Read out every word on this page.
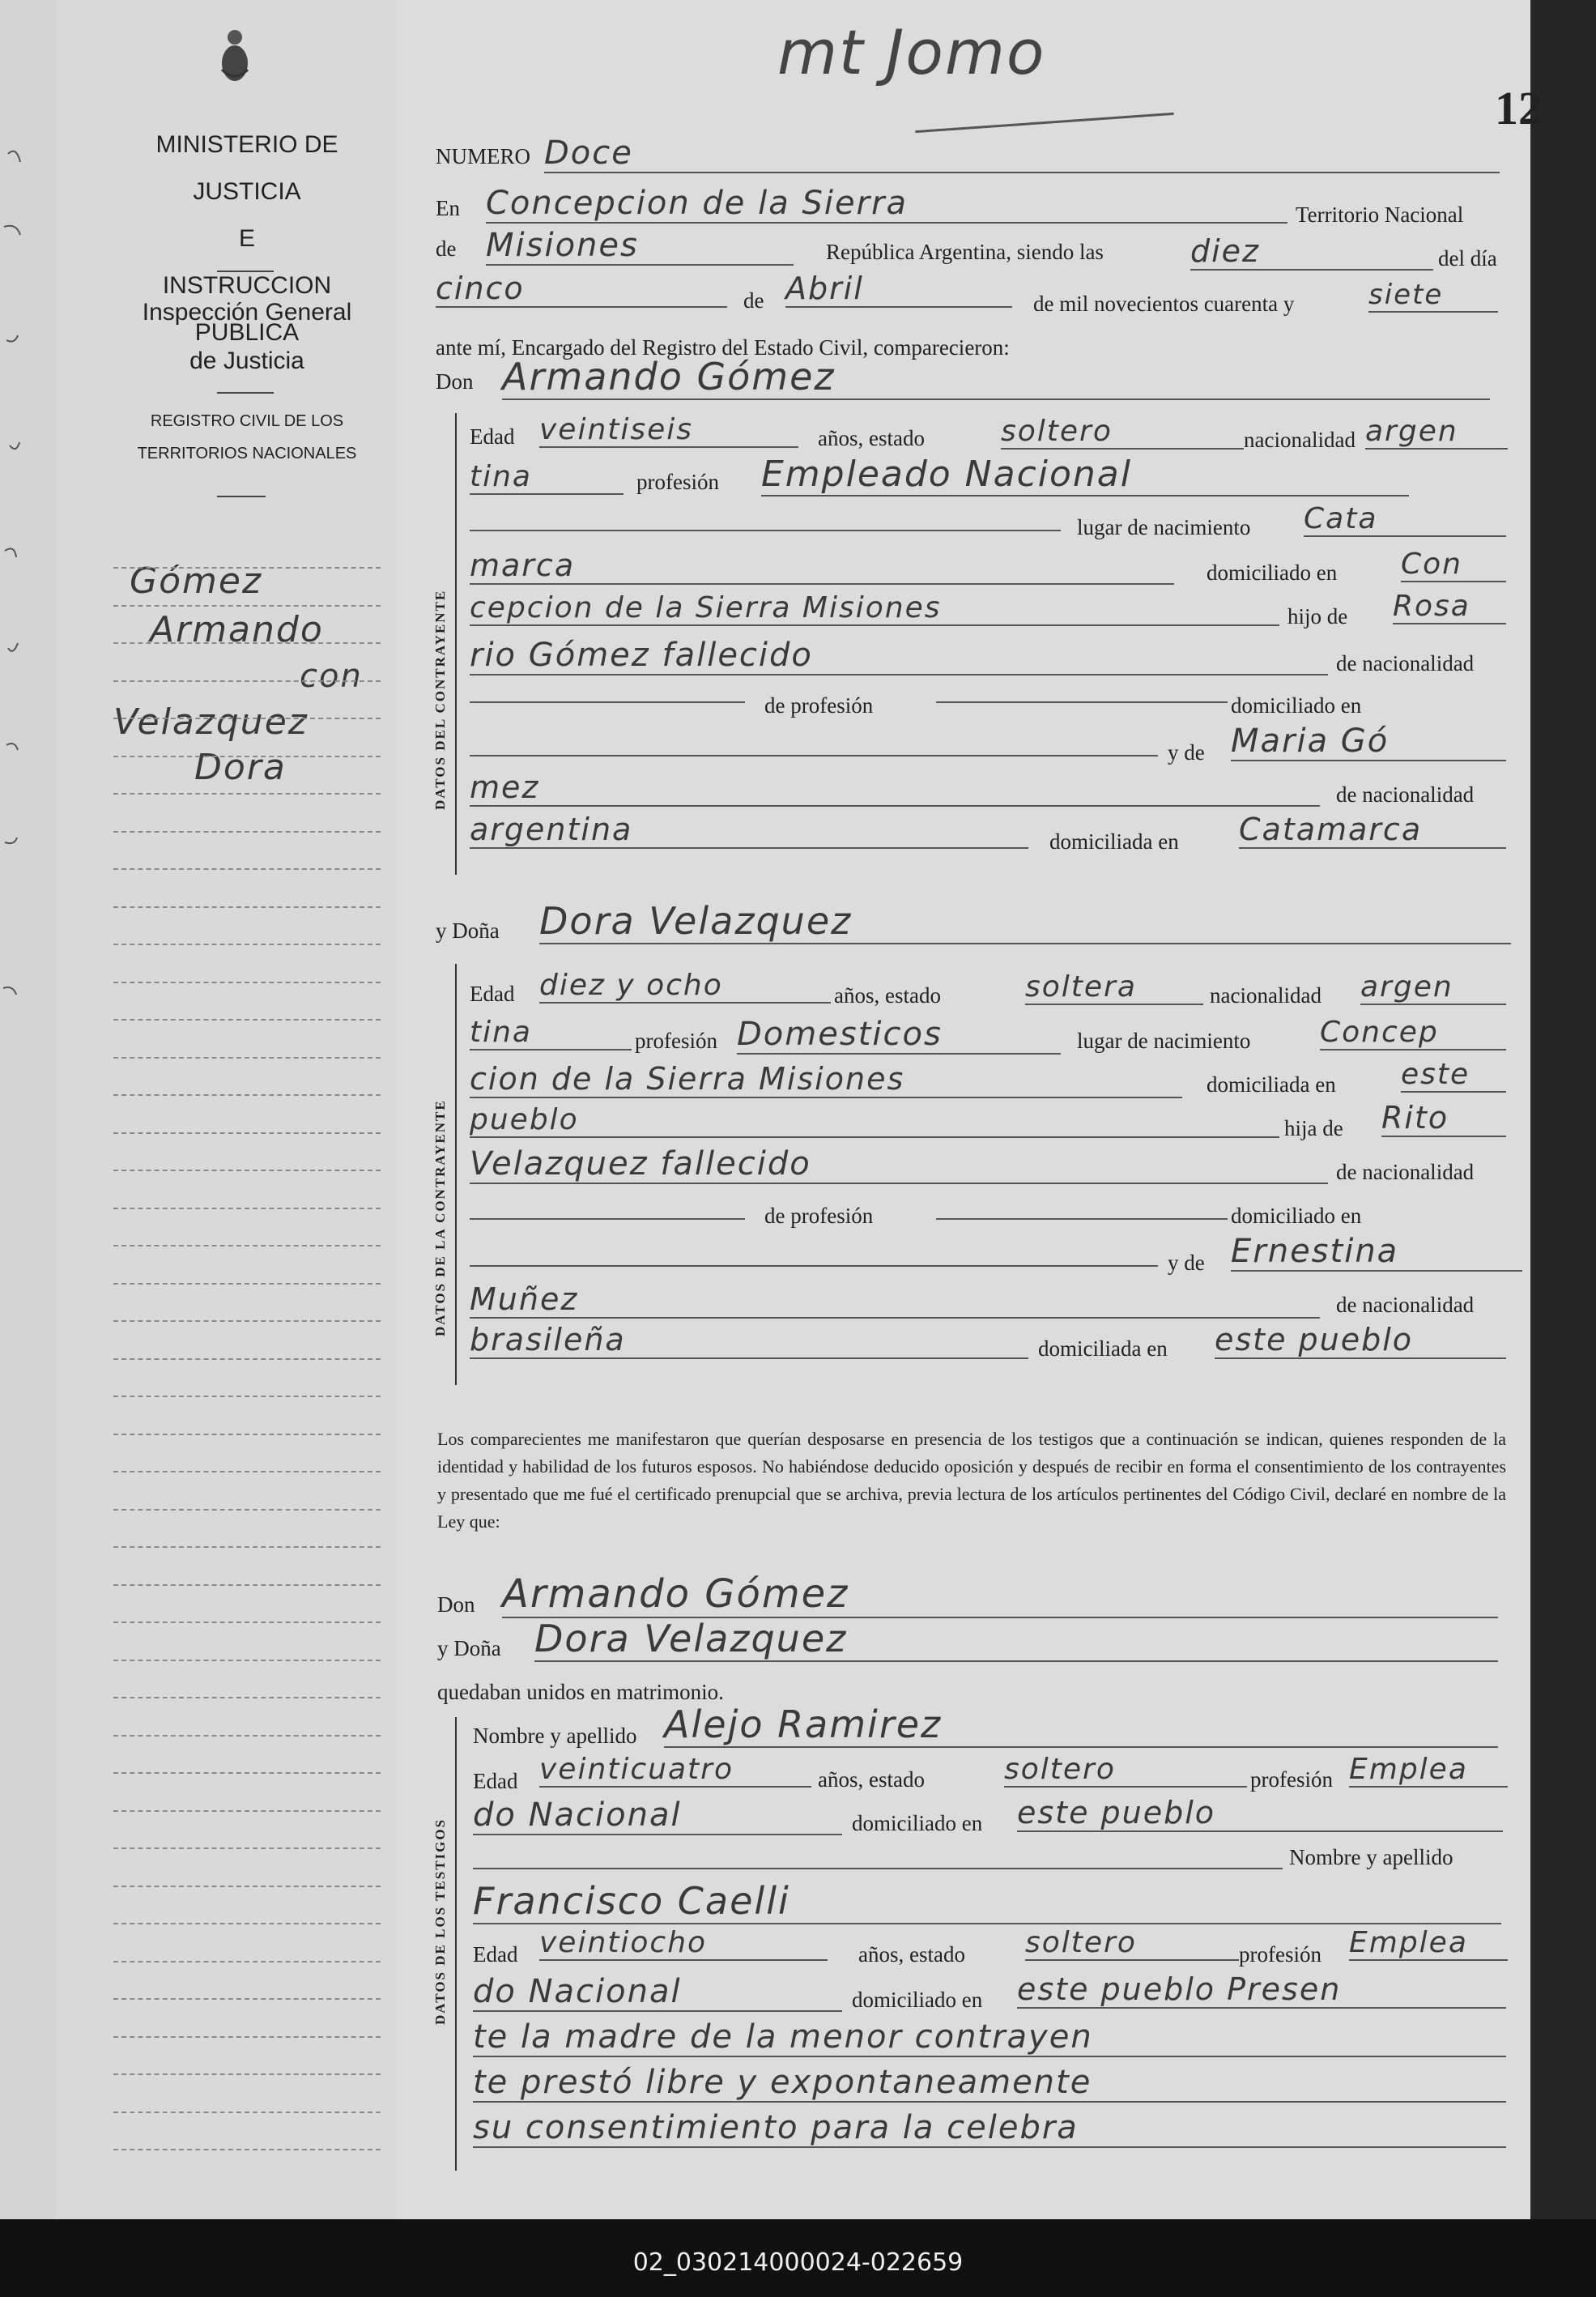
MINISTERIO DE JUSTICIA
E
INSTRUCCION PUBLICA
Inspección General
de Justicia
REGISTRO CIVIL DE LOS
TERRITORIOS NACIONALES
Gómez
Armando
con
Velazquez
Dora
mt Jomo
12
NUMERO Doce
En Concepcion de la Sierra	Territorio Nacional
de Misiones	República Argentina, siendo las	diez	del día
cinco	de Abril	de mil novecientos cuarenta y	siete
ante mí, Encargado del Registro del Estado Civil, comparecieron:
Don Armando Gómez
DATOS DEL CONTRAYENTE
Edad veintiseis	años, estado	soltero	nacionalidad argen
tina	profesión Empleado Nacional
lugar de nacimiento Cata
marca	domiciliado en Con
cepcion de la Sierra Misiones	hijo de Rosa
rio Gómez fallecido	de nacionalidad
de profesión	domiciliado en
y de Maria Gó
mez	de nacionalidad
argentina	domiciliada en Catamarca
y Doña Dora Velazquez
DATOS DE LA CONTRAYENTE
Edad diez y ocho	años, estado	soltera	nacionalidad argen
tina	profesión Domesticos	lugar de nacimiento Concep
cion de la Sierra Misiones	domiciliada en este
pueblo	hija de Rito
Velazquez fallecido	de nacionalidad
de profesión	domiciliado en
y de Ernestina
Muñez	de nacionalidad
brasileña	domiciliada en este pueblo
Los comparecientes me manifestaron que querían desposarse en presencia de los testigos que a continuación se indican, quienes responden de la identidad y habilidad de los futuros esposos. No habiéndose deducido oposición y después de recibir en forma el consentimiento de los contrayentes y presentado que me fué el certificado prenupcial que se archiva, previa lectura de los artículos pertinentes del Código Civil, declaré en nombre de la Ley que:
Don Armando Gómez
y Doña Dora Velazquez
quedaban unidos en matrimonio.
DATOS DE LOS TESTIGOS
Nombre y apellido Alejo Ramirez
Edad veinticuatro	años, estado	soltero	profesión Emplea
do Nacional	domiciliado en este pueblo
Nombre y apellido
Francisco Caelli
Edad veintiocho	años, estado soltero	profesión Emplea
do Nacional	domiciliado en este pueblo Presen
te la madre de la menor contrayen
te prestó libre y expontaneamente
su consentimiento para la celebra
02_030214000024-022659
